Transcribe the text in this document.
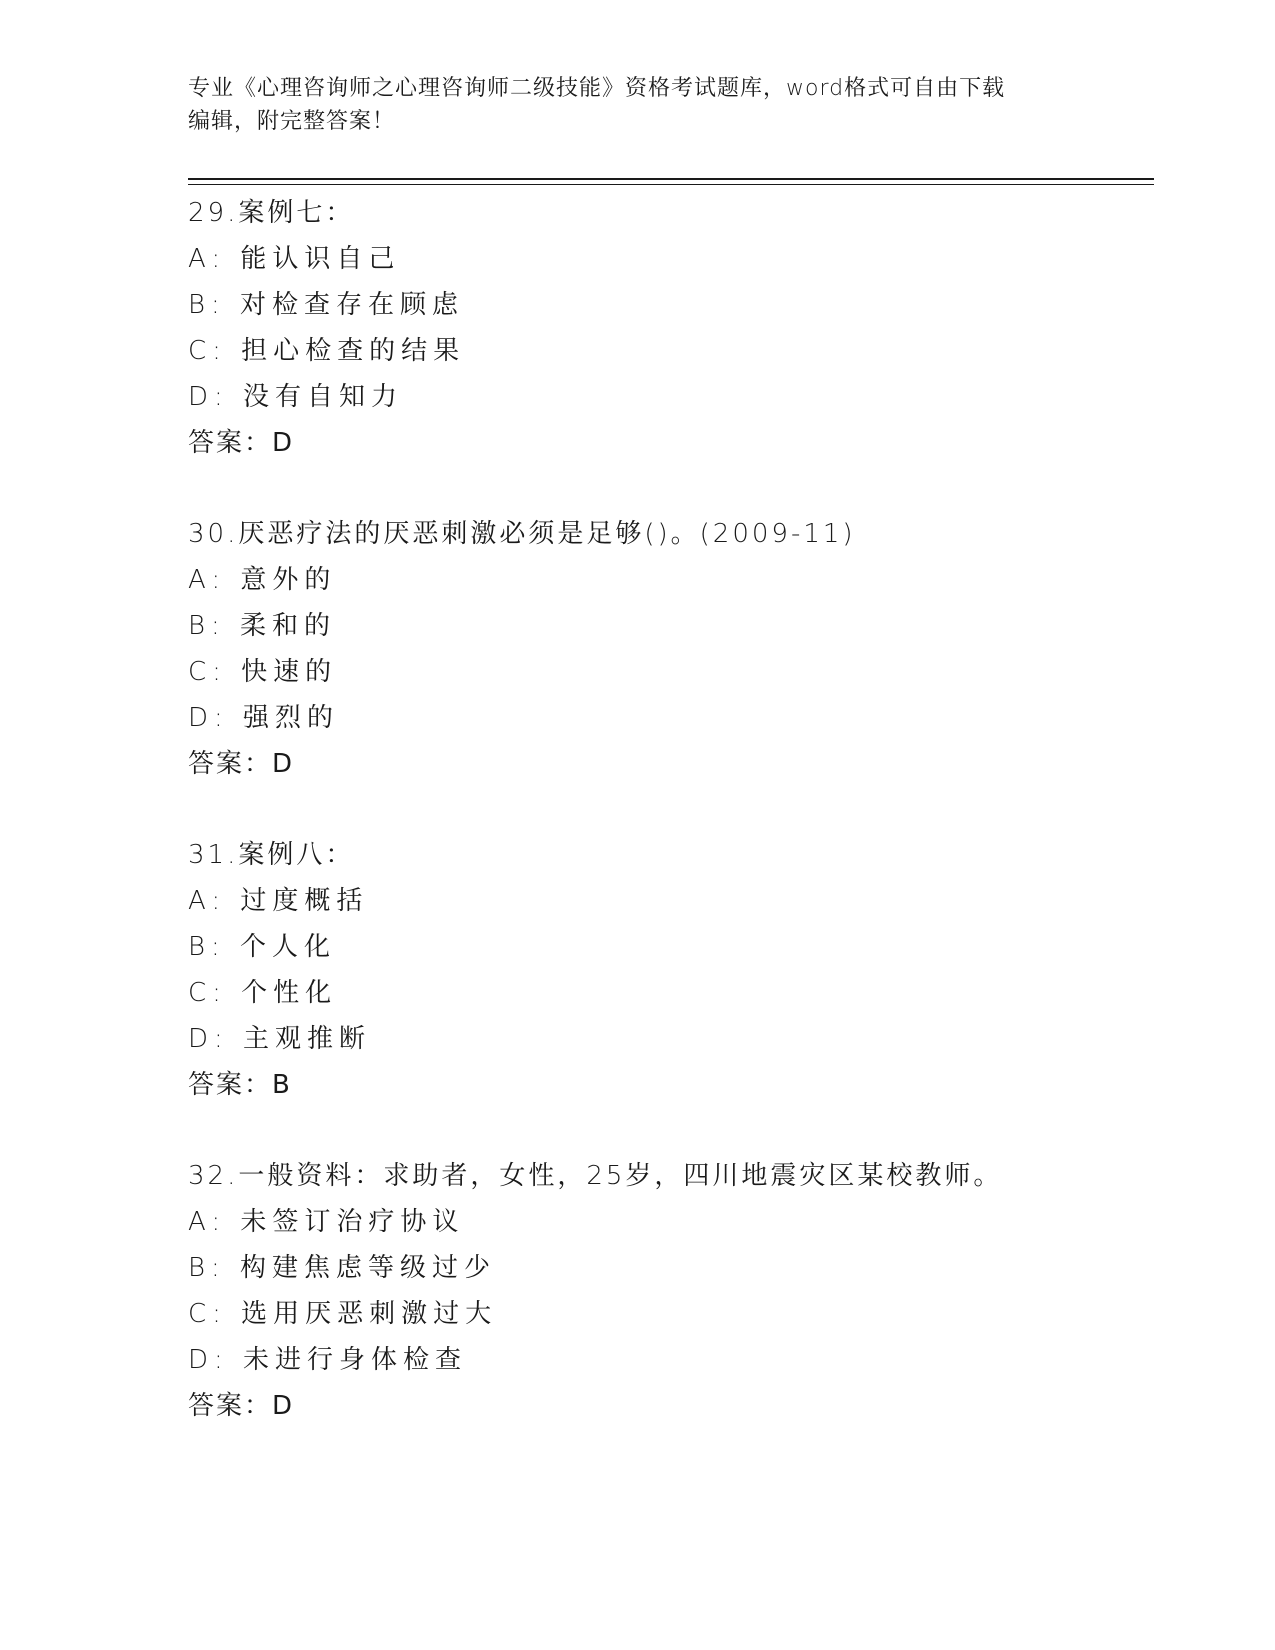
专业《心理咨询师之心理咨询师二级技能》资格考试题库，word格式可自由下载
编辑，附完整答案！
29.案例七：
A: 能认识自己
B: 对检查存在顾虑
C: 担心检查的结果
D: 没有自知力
答案：D
30.厌恶疗法的厌恶刺激必须是足够()。(2009-11)
A: 意外的
B: 柔和的
C: 快速的
D: 强烈的
答案：D
31.案例八：
A: 过度概括
B: 个人化
C: 个性化
D: 主观推断
答案：B
32.一般资料：求助者，女性，25岁，四川地震灾区某校教师。
A: 未签订治疗协议
B: 构建焦虑等级过少
C: 选用厌恶刺激过大
D: 未进行身体检查
答案：D
